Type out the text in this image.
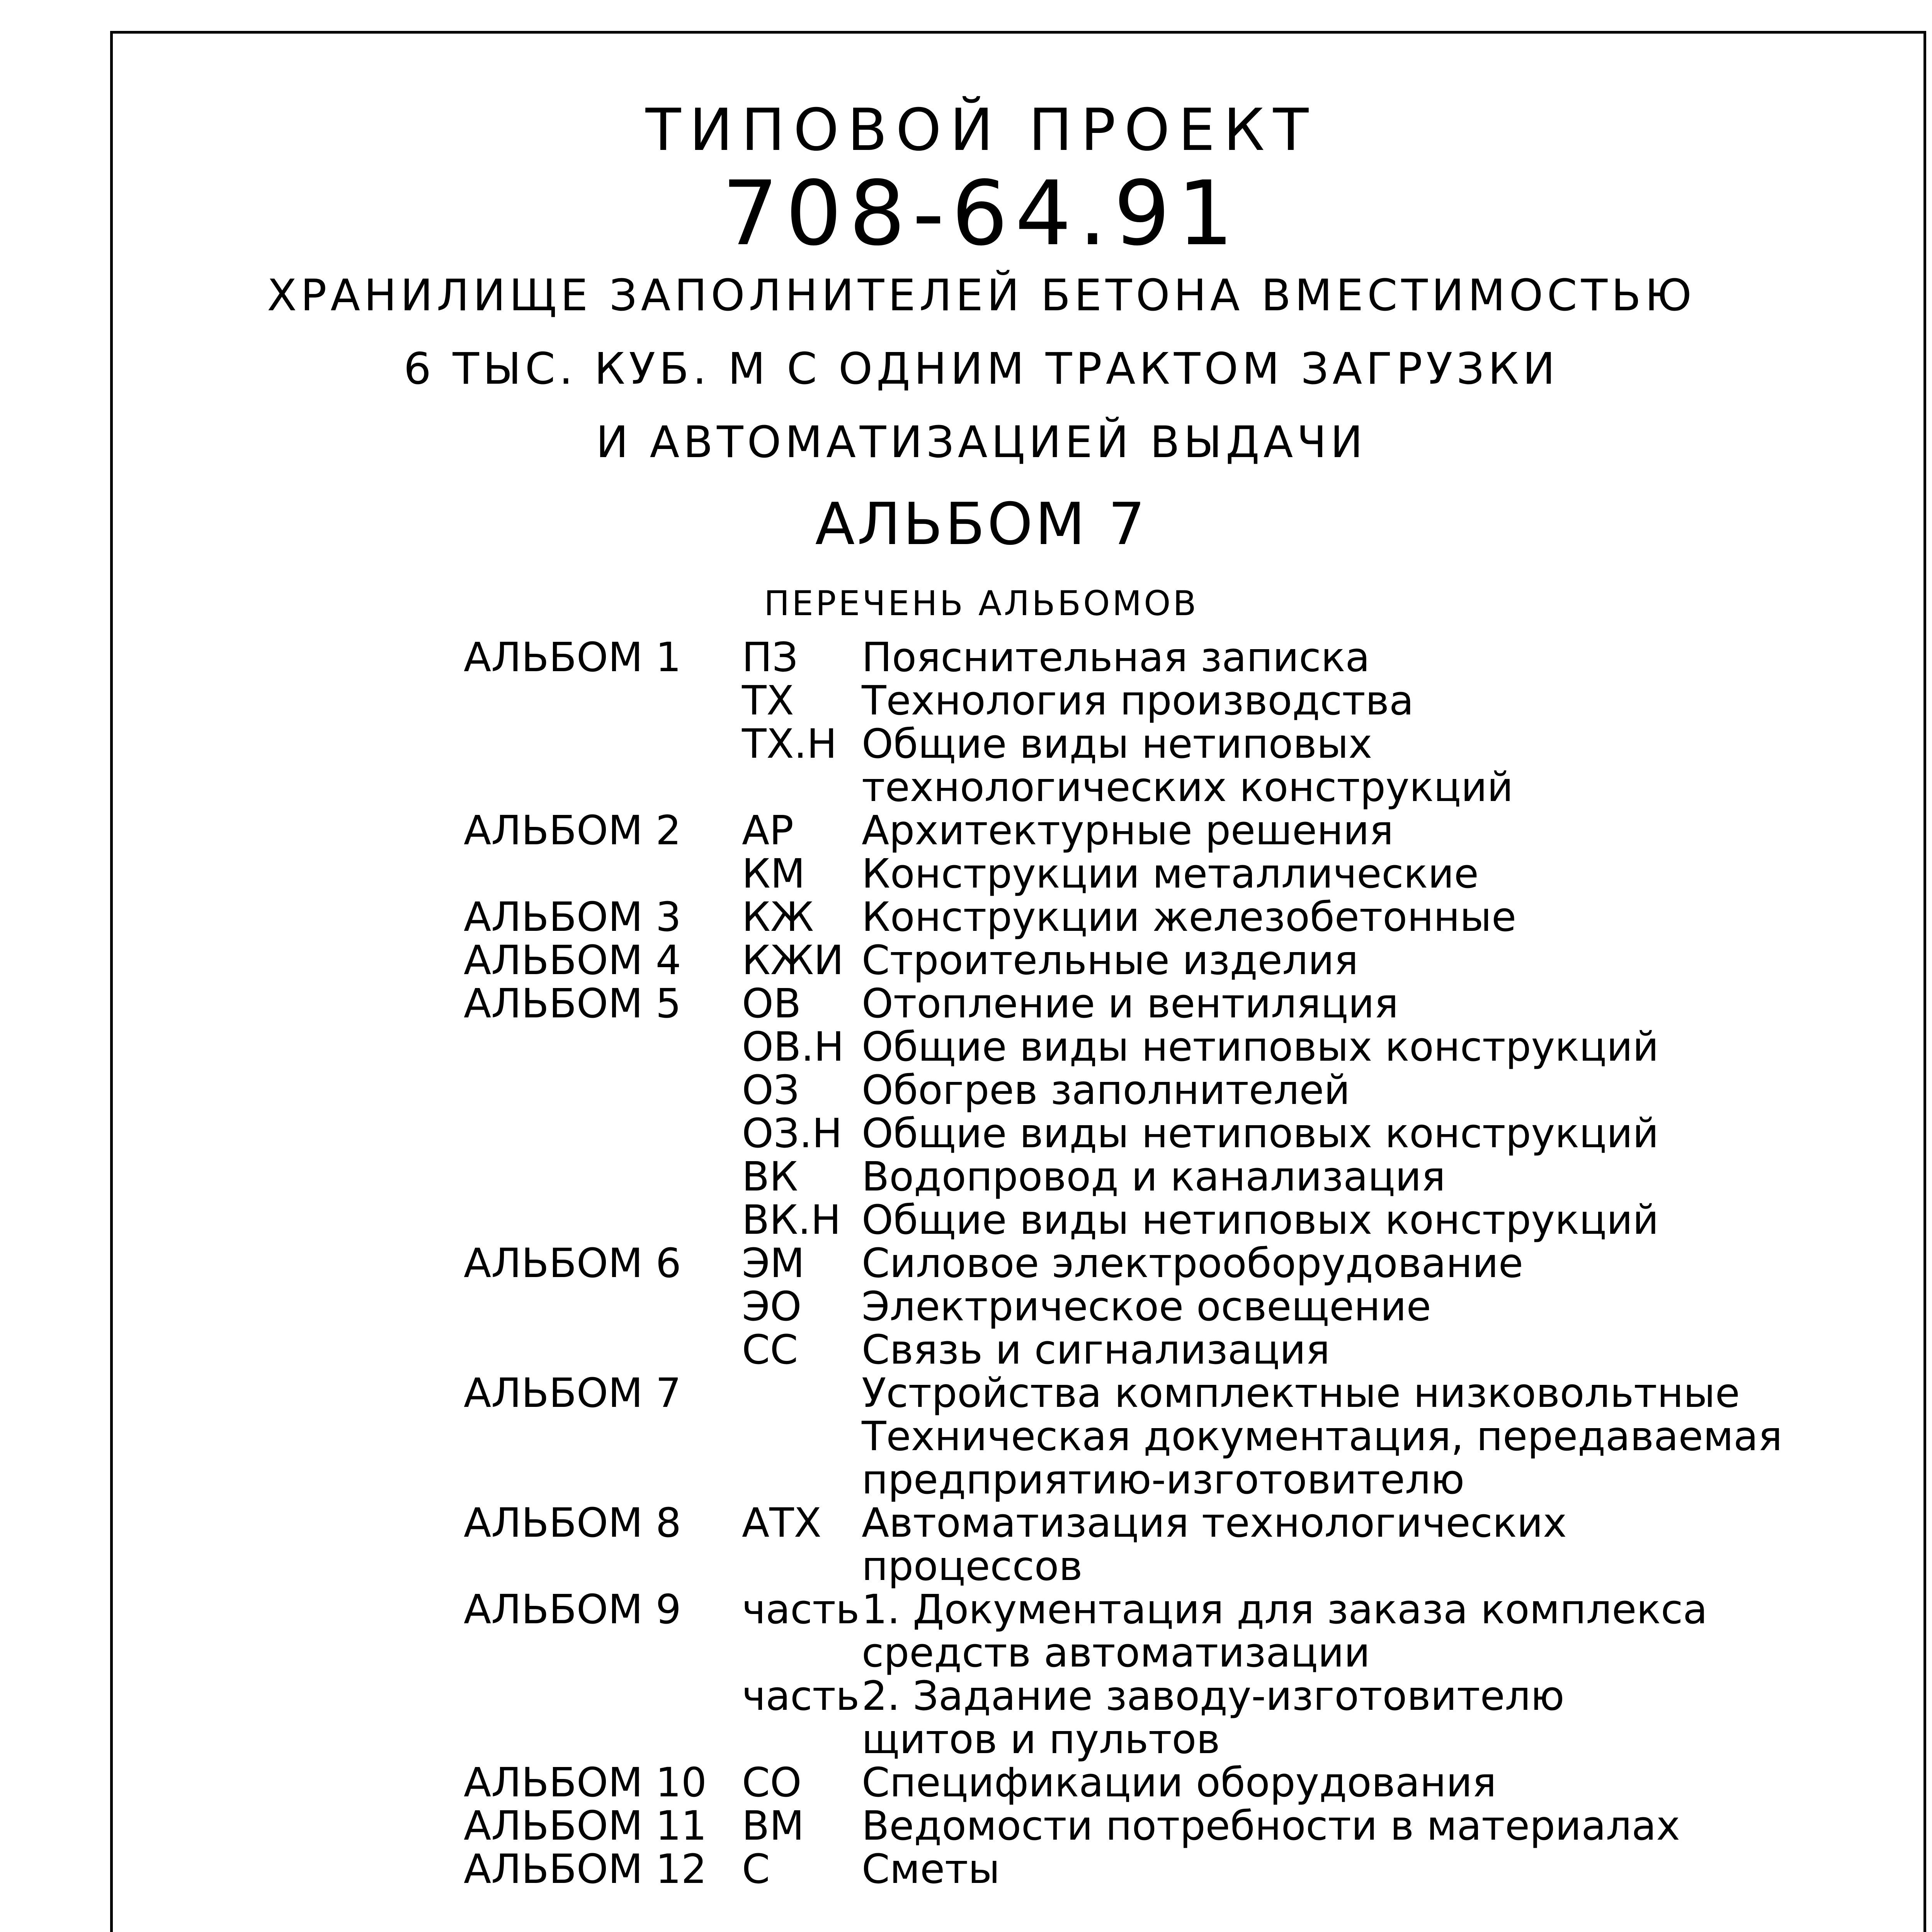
ТИПОВОЙ ПРОЕКТ
708-64.91
ХРАНИЛИЩЕ ЗАПОЛНИТЕЛЕЙ БЕТОНА ВМЕСТИМОСТЬЮ
6 ТЫС. КУБ. М С ОДНИМ ТРАКТОМ ЗАГРУЗКИ
И АВТОМАТИЗАЦИЕЙ ВЫДАЧИ
АЛЬБОМ 7
ПЕРЕЧЕНЬ АЛЬБОМОВ
АЛЬБОМ 1 ПЗ Пояснительная записка
ТХ Технология производства
ТХ.Н Общие виды нетиповых
технологических конструкций
АЛЬБОМ 2 АР Архитектурные решения
КМ Конструкции металлические
АЛЬБОМ 3 КЖ Конструкции железобетонные
АЛЬБОМ 4 КЖИ Строительные изделия
АЛЬБОМ 5 ОВ Отопление и вентиляция
ОВ.Н Общие виды нетиповых конструкций
ОЗ Обогрев заполнителей
ОЗ.Н Общие виды нетиповых конструкций
ВК Водопровод и канализация
ВК.Н Общие виды нетиповых конструкций
АЛЬБОМ 6 ЭМ Силовое электрооборудование
ЭО Электрическое освещение
СС Связь и сигнализация
АЛЬБОМ 7	Устройства комплектные низковольтные
Техническая документация, передаваемая
предприятию-изготовителю
АЛЬБОМ 8 АТХ Автоматизация технологических
процессов
АЛЬБОМ 9 часть 1. Документация для заказа комплекса
средств автоматизации
часть 2. Задание заводу-изготовителю
щитов и пультов
АЛЬБОМ 10 СО Спецификации оборудования
АЛЬБОМ 11 ВМ Ведомости потребности в материалах
АЛЬБОМ 12 С Сметы
